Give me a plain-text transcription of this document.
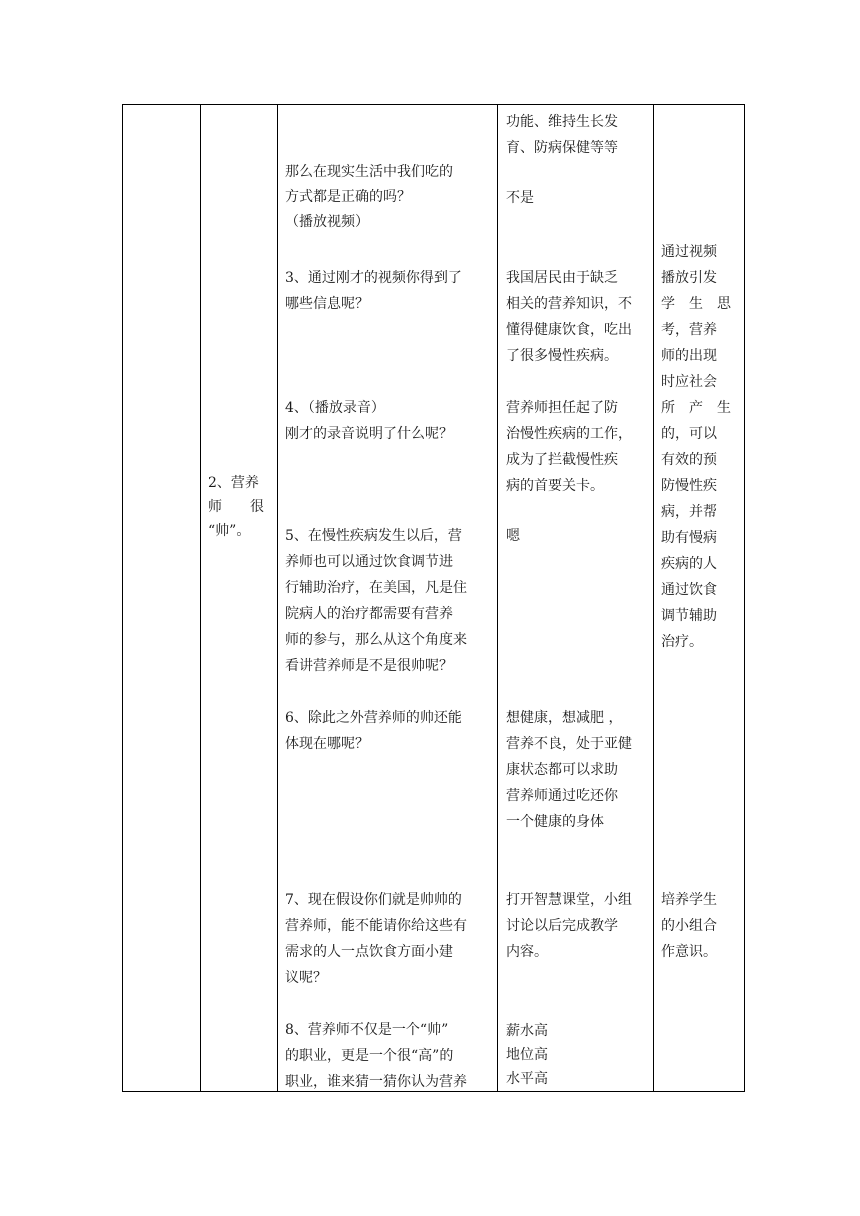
2、营养

师　　很

“帅”。

那么在现实生活中我们吃的

方式都是正确的吗？

（播放视频）

3、通过刚才的视频你得到了

哪些信息呢？

4、（播放录音）

刚才的录音说明了什么呢？

5、在慢性疾病发生以后，营

养师也可以通过饮食调节进

行辅助治疗，在美国，凡是住

院病人的治疗都需要有营养

师的参与，那么从这个角度来

看讲营养师是不是很帅呢？

6、除此之外营养师的帅还能

体现在哪呢？

7、现在假设你们就是帅帅的

营养师，能不能请你给这些有

需求的人一点饮食方面小建

议呢？

8、营养师不仅是一个“帅”

的职业，更是一个很“高”的

职业，谁来猜一猜你认为营养

功能、维持生长发

育、防病保健等等

不是

我国居民由于缺乏

相关的营养知识，不

懂得健康饮食，吃出

了很多慢性疾病。

营养师担任起了防

治慢性疾病的工作，

成为了拦截慢性疾

病的首要关卡。

嗯

想健康，想减肥 ，

营养不良，处于亚健

康状态都可以求助

营养师通过吃还你

一个健康的身体

打开智慧课堂，小组

讨论以后完成教学

内容。

薪水高

地位高

水平高

通过视频

播放引发

学　生　思

考，营养

师的出现

时应社会

所　产　生

的，可以

有效的预

防慢性疾

病，并帮

助有慢病

疾病的人

通过饮食

调节辅助

治疗。

培养学生

的小组合

作意识。
